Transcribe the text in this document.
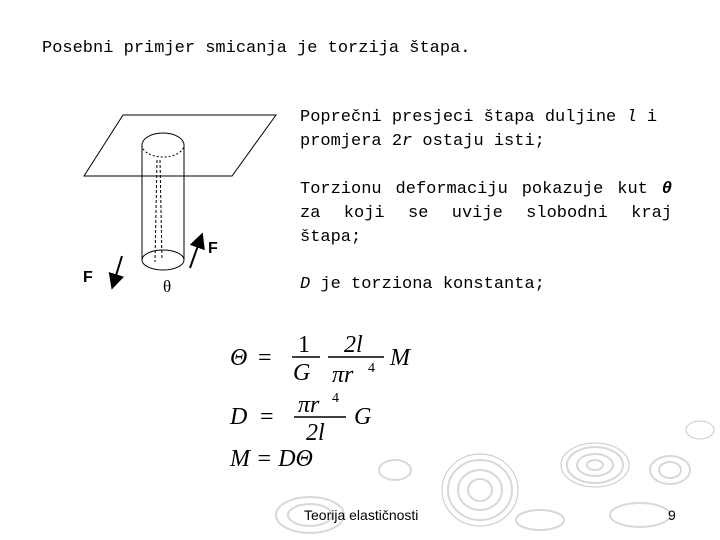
Posebni primjer smicanja je torzija štapa.
Poprečni presjeci štapa duljine l i promjera 2r ostaju isti;
Torzionu deformaciju pokazuje kut θ za koji se uvije slobodni kraj štapa;
D je torziona konstanta;
F
F
θ
Θ = 1
G
2l
πr 4 M
D = πr 4
2l
G
M = DΘ
Teorija elastičnosti	9
